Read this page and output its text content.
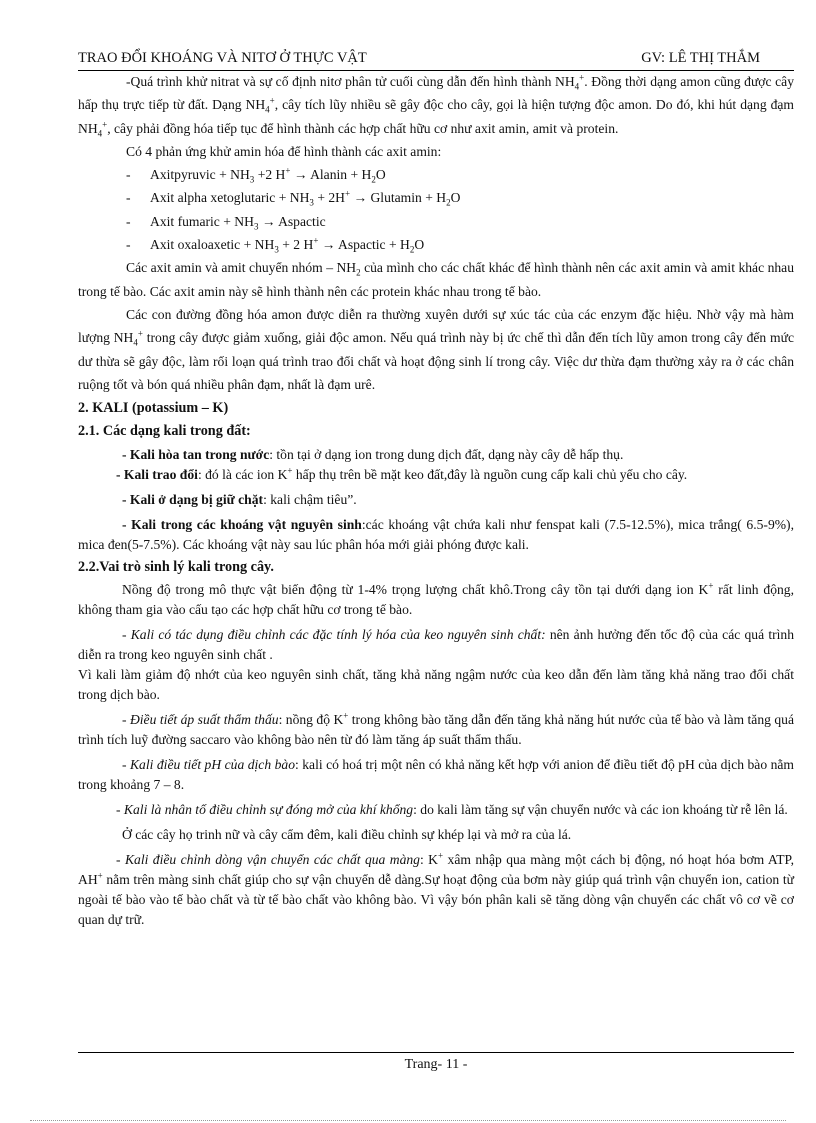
TRAO ĐỔI KHOÁNG VÀ NITƠ Ở THỰC VẬT	GV: LÊ THỊ THẮM

-Quá trình khử nitrat và sự cố định nitơ phân tử cuối cùng dẫn đến hình thành $NH_4^+$. Đồng thời dạng amon cũng được cây hấp thụ trực tiếp từ đất. Dạng $NH_4^+$, cây tích lũy nhiều sẽ gây độc cho cây, gọi là hiện tượng độc amon. Do đó, khi hút dạng đạm $NH_4^+$, cây phải đồng hóa tiếp tục để hình thành các hợp chất hữu cơ như axit amin, amit và protein.

Có 4 phản ứng khử amin hóa để hình thành các axit amin:

-	Axitpyruvic + $NH_3 +2$ H+ → Alanin + $H_2O$
-	Axit alpha xetoglutaric + $NH_3 + 2H^+$ → Glutamin + $H_2O$
-	Axit fumaric + $NH_3$ → Aspactic
-	Axit oxaloaxetic + $NH_3 + 2$ H+ → Aspactic + $H_2O$

Các axit amin và amit chuyển nhóm – $NH_2$ của mình cho các chất khác để hình thành nên các axit amin và amit khác nhau trong tế bào. Các axit amin này sẽ hình thành nên các protein khác nhau trong tế bào.

Các con đường đồng hóa amon được diễn ra thường xuyên dưới sự xúc tác của các enzym đặc hiệu. Nhờ vậy mà hàm lượng $NH_4^+$ trong cây được giảm xuống, giải độc amon. Nếu quá trình này bị ức chế thì dẫn đến tích lũy amon trong cây đến mức dư thừa sẽ gây độc, làm rối loạn quá trình trao đổi chất và hoạt động sinh lí trong cây. Việc dư thừa đạm thường xảy ra ở các chân ruộng tốt và bón quá nhiều phân đạm, nhất là đạm urê.

2. KALI (potassium – K)

2.1. Các dạng kali trong đất:

- Kali hòa tan trong nước: tồn tại ở dạng ion trong dung dịch đất, dạng này cây dễ hấp thụ.

- Kali trao đổi: đó là các ion K+ hấp thụ trên bề mặt keo đất,đây là nguồn cung cấp kali chủ yếu cho cây.

- Kali ở dạng bị giữ chặt: kali chậm tiêu”.

- Kali trong các khoáng vật nguyên sinh:các khoáng vật chứa kali như fenspat kali (7.5-12.5%), mica trắng( 6.5-9%), mica đen(5-7.5%). Các khoáng vật này sau lúc phân hóa mới giải phóng được kali.

2.2.Vai trò sinh lý kali trong cây.

Nồng độ trong mô thực vật biến động từ 1-4% trọng lượng chất khô.Trong cây tồn tại dưới dạng ion K+ rất linh động, không tham gia vào cấu tạo các hợp chất hữu cơ trong tế bào.

- Kali có tác dụng điều chỉnh các đặc tính lý hóa của keo nguyên sinh chất: nên ảnh hưởng đến tốc độ của các quá trình diễn ra trong keo nguyên sinh chất .

Vì kali làm giảm độ nhớt của keo nguyên sinh chất, tăng khả năng ngậm nước của keo dẫn đến làm tăng khả năng trao đổi chất trong dịch bào.

- Điều tiết áp suất thẩm thấu: nồng độ K+ trong không bào tăng dẫn đến tăng khả năng hút nước của tế bào và làm tăng quá trình tích luỹ đường saccaro vào không bào nên từ đó làm tăng áp suất thẩm thấu.

- Kali điều tiết pH của dịch bào: kali có hoá trị một nên có khả năng kết hợp với anion để điều tiết độ pH của dịch bào nằm trong khoảng 7 – 8.

- Kali là nhân tố điều chỉnh sự đóng mở của khí khổng: do kali làm tăng sự vận chuyển nước và các ion khoáng từ rễ lên lá.

Ở các cây họ trinh nữ và cây cẩm đêm, kali điều chỉnh sự khép lại và mở ra của lá.

- Kali điều chỉnh dòng vận chuyển các chất qua màng: K+ xâm nhập qua màng một cách bị động, nó hoạt hóa bơm ATP, AH+ nằm trên màng sinh chất giúp cho sự vận chuyển dễ dàng.Sự hoạt động của bơm này giúp quá trình vận chuyển ion, cation từ ngoài tế bào vào tế bào chất và từ tế bào chất vào không bào. Vì vậy bón phân kali sẽ tăng dòng vận chuyển các chất vô cơ về cơ quan dự trữ.

Trang- 11 -
